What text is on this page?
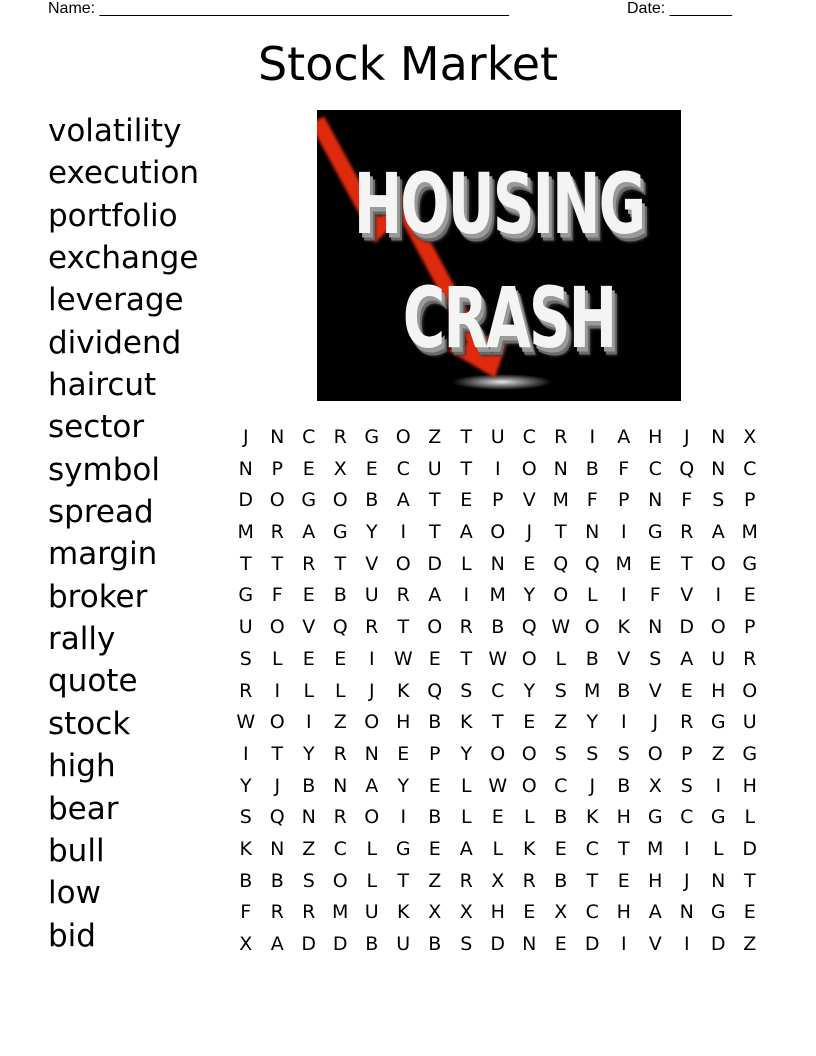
Name: ______________________________________________	Date: _______
Stock Market
volatility
execution
portfolio
exchange
leverage
dividend
haircut
sector
symbol
spread
margin
broker
rally
quote
stock
high
bear
bull
low
bid
HOUSING
CRASH
J	N C R G O Z	T U C R	I	A H	J	N X
N P	E X E C U T	I	O N B	F	C Q N C
D O G O B A	T	E	P	V M F	P N F	S	P
M R A G Y	I	T	A O	J	T N	I	G R A M
T	T	R	T	V O D L	N E Q Q M E	T O G
G F	E B U R A	I	M Y O L	I	F	V	I	E
U O V Q R	T O R B Q W O K N D O P
S	L	E	E	I	W E	T W O L	B V S A U R
R	I	L	L	J	K Q S C	Y	S M B V E H O
W O	I	Z O H B K	T	E Z	Y	I	J	R G U
I	T	Y	R N E	P	Y O O S	S	S O P	Z G
Y	J	B N A	Y	E	L W O C	J	B X S	I	H
S Q N R O	I	B	L	E	L	B K H G C G L
K N Z C	L G E	A	L	K	E C	T M	I	L D
B B S O L	T	Z R X R B	T	E H	J	N T
F	R R M U K X X H E X C H A N G E
X A D D B U B S D N E D	I	V	I	D Z
